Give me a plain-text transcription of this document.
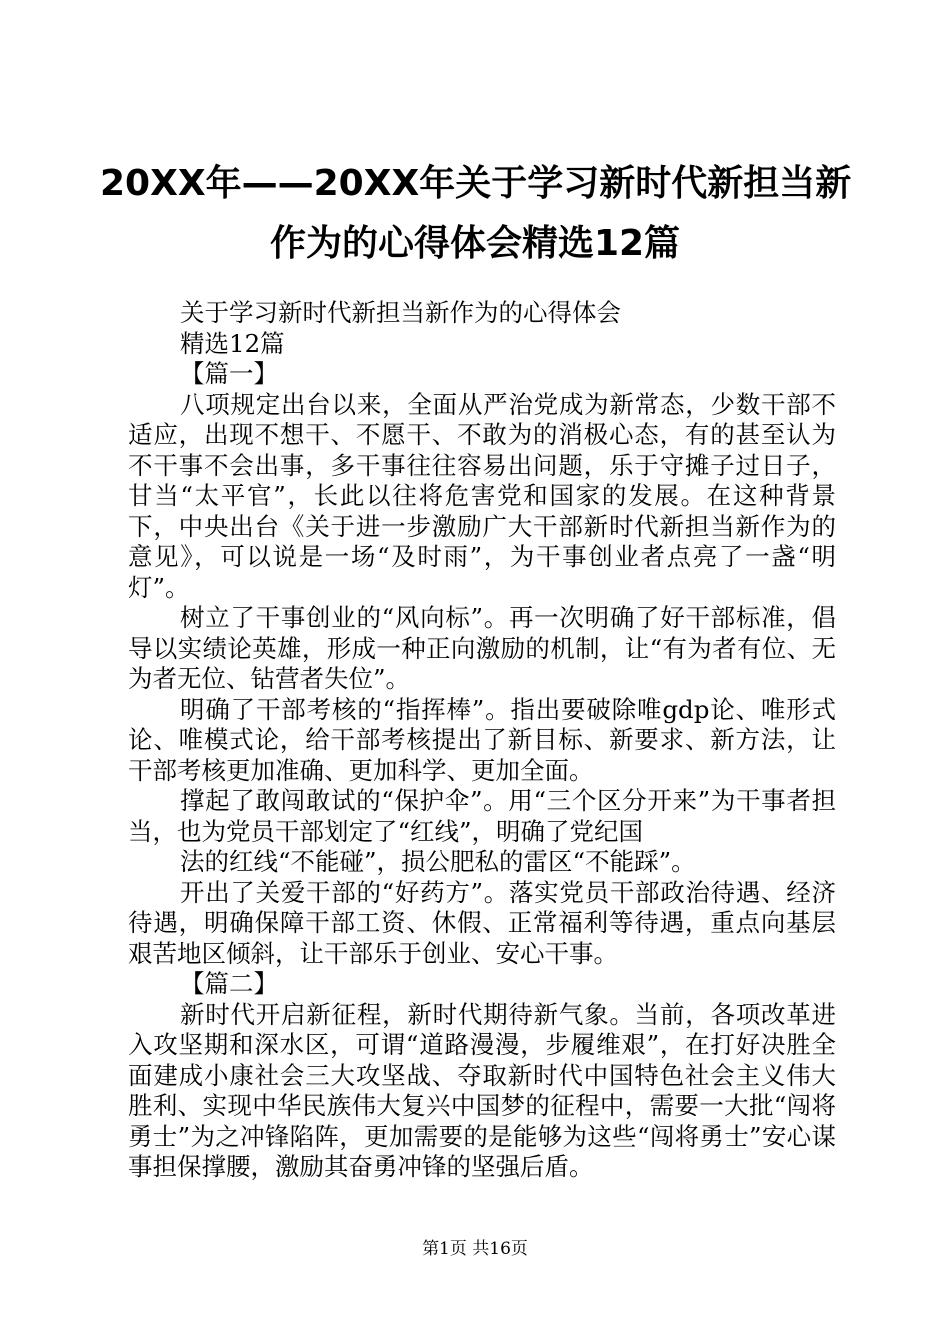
20XX年——20XX年关于学习新时代新担当新
作为的心得体会精选12篇

关于学习新时代新担当新作为的心得体会

精选12篇

【篇一】

八项规定出台以来，全面从严治党成为新常态，少数干部不适应，出现不想干、不愿干、不敢为的消极心态，有的甚至认为不干事不会出事，多干事往往容易出问题，乐于守摊子过日子，甘当“太平官”，长此以往将危害党和国家的发展。在这种背景下，中央出台《关于进一步激励广大干部新时代新担当新作为的意见》，可以说是一场“及时雨”，为干事创业者点亮了一盏“明灯”。

树立了干事创业的“风向标”。再一次明确了好干部标准，倡导以实绩论英雄，形成一种正向激励的机制，让“有为者有位、无为者无位、钻营者失位”。

明确了干部考核的“指挥棒”。指出要破除唯gdp论、唯形式论、唯模式论，给干部考核提出了新目标、新要求、新方法，让干部考核更加准确、更加科学、更加全面。

撑起了敢闯敢试的“保护伞”。用“三个区分开来”为干事者担当，也为党员干部划定了“红线”，明确了党纪国

法的红线“不能碰”，损公肥私的雷区“不能踩”。

开出了关爱干部的“好药方”。落实党员干部政治待遇、经济待遇，明确保障干部工资、休假、正常福利等待遇，重点向基层艰苦地区倾斜，让干部乐于创业、安心干事。

【篇二】

新时代开启新征程，新时代期待新气象。当前，各项改革进入攻坚期和深水区，可谓“道路漫漫，步履维艰”，在打好决胜全面建成小康社会三大攻坚战、夺取新时代中国特色社会主义伟大胜利、实现中华民族伟大复兴中国梦的征程中，需要一大批“闯将勇士”为之冲锋陷阵，更加需要的是能够为这些“闯将勇士”安心谋事担保撑腰，激励其奋勇冲锋的坚强后盾。

第1页 共16页
